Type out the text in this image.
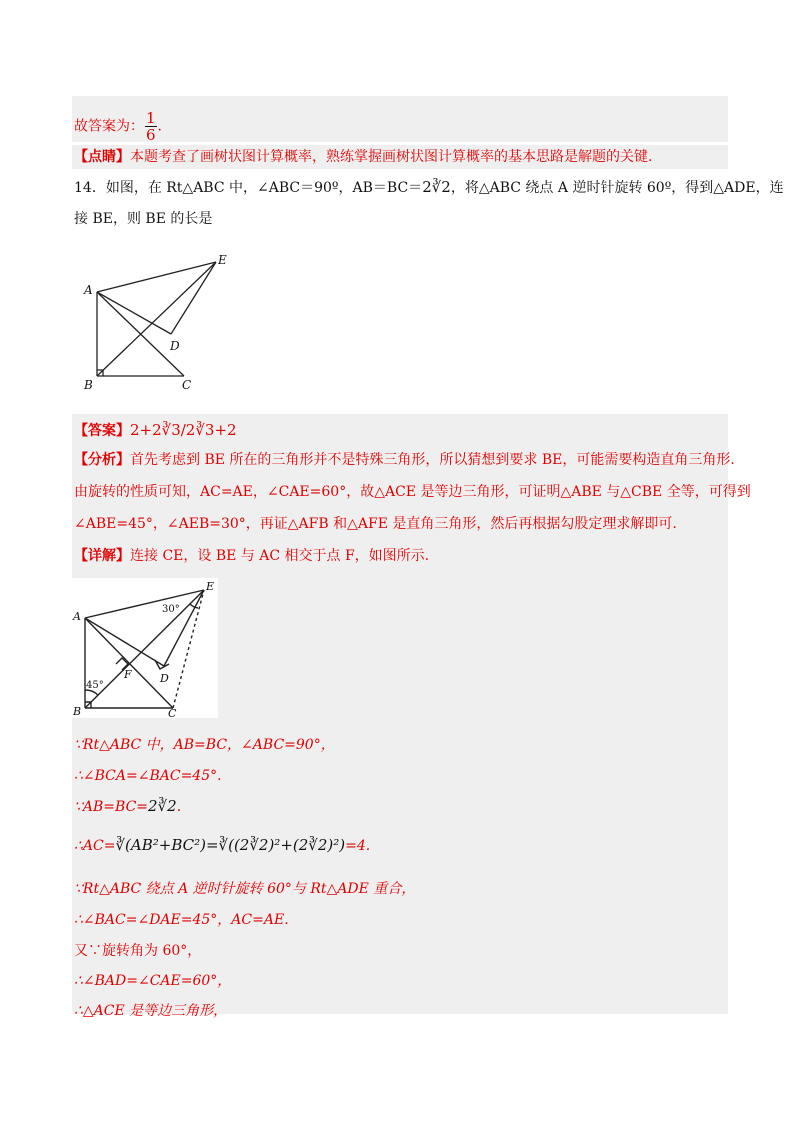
故答案为： $\frac{1}{6}$ .
【点睛】本题考查了画树状图计算概率，熟练掌握画树状图计算概率的基本思路是解题的关键.
14．如图，在 Rt△ABC 中，∠ABC＝90º，AB＝BC＝2∛2，将△ABC 绕点 A 逆时针旋转 60º，得到△ADE，连
接 BE，则 BE 的长是
A
B	C
D
E
【答案】2+2∛3/2∛3+2
【分析】首先考虑到 BE 所在的三角形并不是特殊三角形，所以猜想到要求 BE，可能需要构造直角三角形.
由旋转的性质可知，AC=AE，∠CAE=60°，故△ACE 是等边三角形，可证明△ABE 与△CBE 全等，可得到
∠ABE=45°，∠AEB=30°，再证△AFB 和△AFE 是直角三角形，然后再根据勾股定理求解即可.
【详解】连接 CE，设 BE 与 AC 相交于点 F，如图所示.
A
B	C
D
E
F
30°
45°
∵Rt△ABC 中，AB=BC，∠ABC=90°，
∴∠BCA=∠BAC=45°.
∵AB=BC=2∛2.
∴AC=∛(AB²+BC²)=∛((2∛2)²+(2∛2)²)=4.
∵Rt△ABC 绕点 A 逆时针旋转 60°与 Rt△ADE 重合，
∴∠BAC=∠DAE=45°，AC=AE.
又∵旋转角为 60°，
∴∠BAD=∠CAE=60°，
∴△ACE 是等边三角形，
